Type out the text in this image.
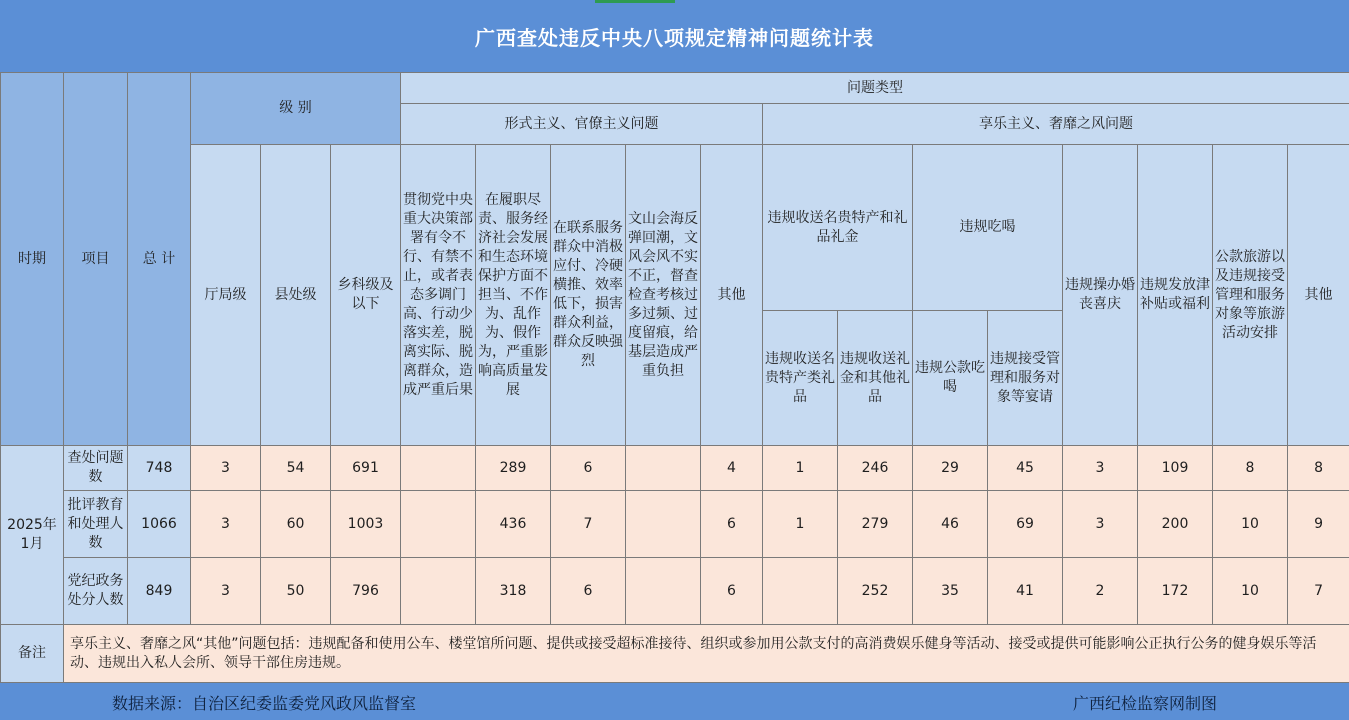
广西查处违反中央八项规定精神问题统计表
时期	项目	总 计	级 别			问题类型												
						形式主义、官僚主义问题					享乐主义、奢靡之风问题							
			厅局级	县处级	乡科级及以下	贯彻党中央重大决策部署有令不行、有禁不止，或者表态多调门高、行动少落实差，脱离实际、脱离群众，造成严重后果	在履职尽责、服务经济社会发展和生态环境保护方面不担当、不作为、乱作为、假作为，严重影响高质量发展	在联系服务群众中消极应付、冷硬横推、效率低下，损害群众利益，群众反映强烈	文山会海反弹回潮，文风会风不实不正，督查检查考核过多过频、过度留痕，给基层造成严重负担	其他	违规收送名贵特产和礼品礼金		违规吃喝		违规操办婚丧喜庆	违规发放津补贴或福利	公款旅游以及违规接受管理和服务对象等旅游活动安排	其他
											违规收送名贵特产类礼品	违规收送礼金和其他礼品	违规公款吃喝	违规接受管理和服务对象等宴请				
2025年1月	查处问题数	748	3	54	691		289	6		4	1	246	29	45	3	109	8	8
	批评教育和处理人数	1066	3	60	1003		436	7		6	1	279	46	69	3	200	10	9
	党纪政务处分人数	849	3	50	796		318	6		6		252	35	41	2	172	10	7
备注	享乐主义、奢靡之风“其他”问题包括：违规配备和使用公车、楼堂馆所问题、提供或接受超标准接待、组织或参加用公款支付的高消费娱乐健身等活动、接受或提供可能影响公正执行公务的健身娱乐等活动、违规出入私人会所、领导干部住房违规。																	
数据来源：自治区纪委监委党风政风监督室	广西纪检监察网制图
